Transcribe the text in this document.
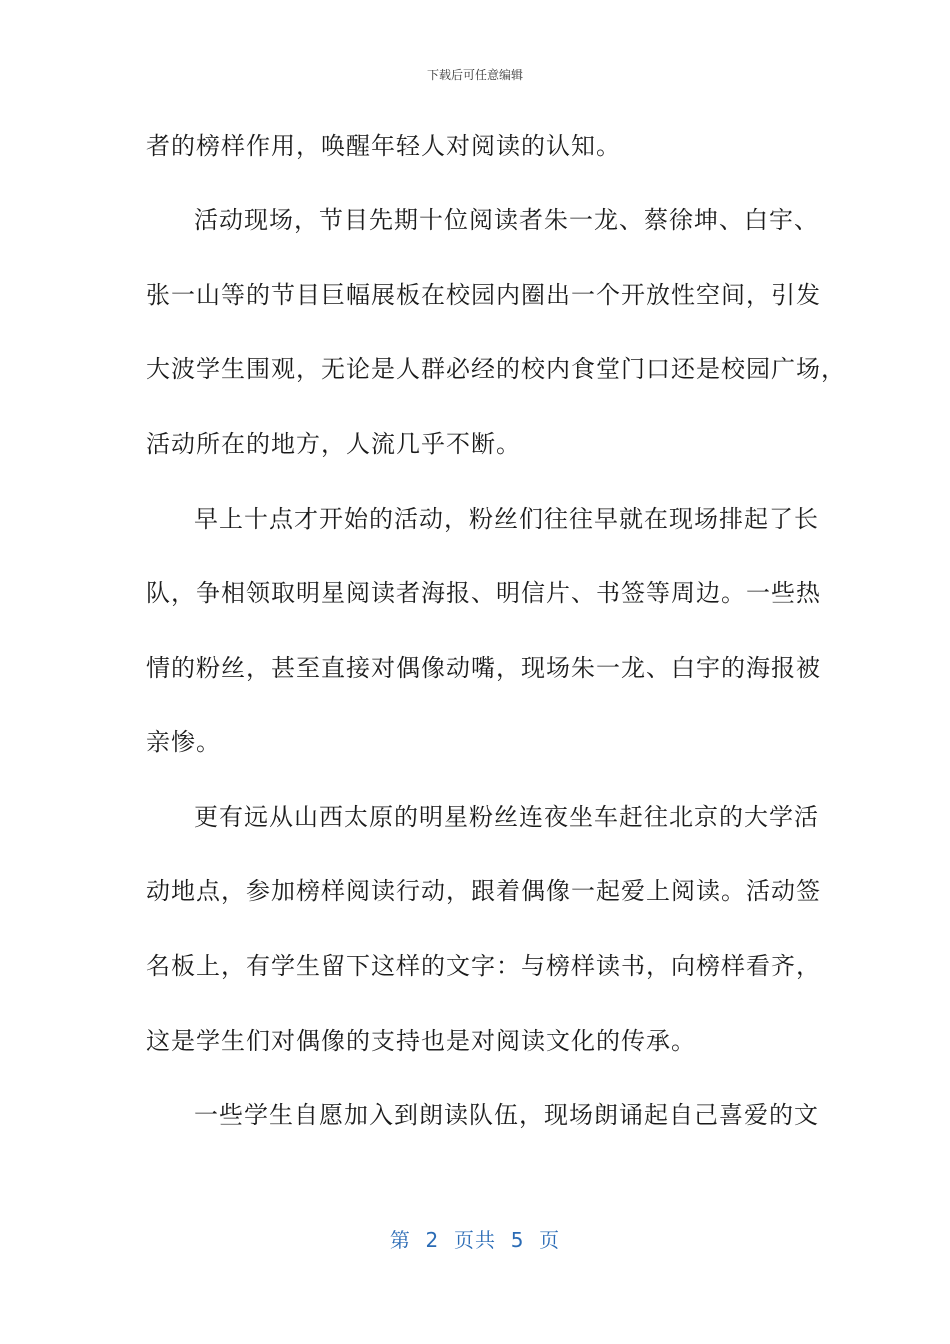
下载后可任意编辑
者的榜样作用，唤醒年轻人对阅读的认知。
活动现场，节目先期十位阅读者朱一龙、蔡徐坤、白宇、
张一山等的节目巨幅展板在校园内圈出一个开放性空间，引发
大波学生围观，无论是人群必经的校内食堂门口还是校园广场，
活动所在的地方，人流几乎不断。
早上十点才开始的活动，粉丝们往往早就在现场排起了长
队，争相领取明星阅读者海报、明信片、书签等周边。一些热
情的粉丝，甚至直接对偶像动嘴，现场朱一龙、白宇的海报被
亲惨。
更有远从山西太原的明星粉丝连夜坐车赶往北京的大学活
动地点，参加榜样阅读行动，跟着偶像一起爱上阅读。活动签
名板上，有学生留下这样的文字：与榜样读书，向榜样看齐，
这是学生们对偶像的支持也是对阅读文化的传承。
一些学生自愿加入到朗读队伍，现场朗诵起自己喜爱的文
第  2  页共  5  页
